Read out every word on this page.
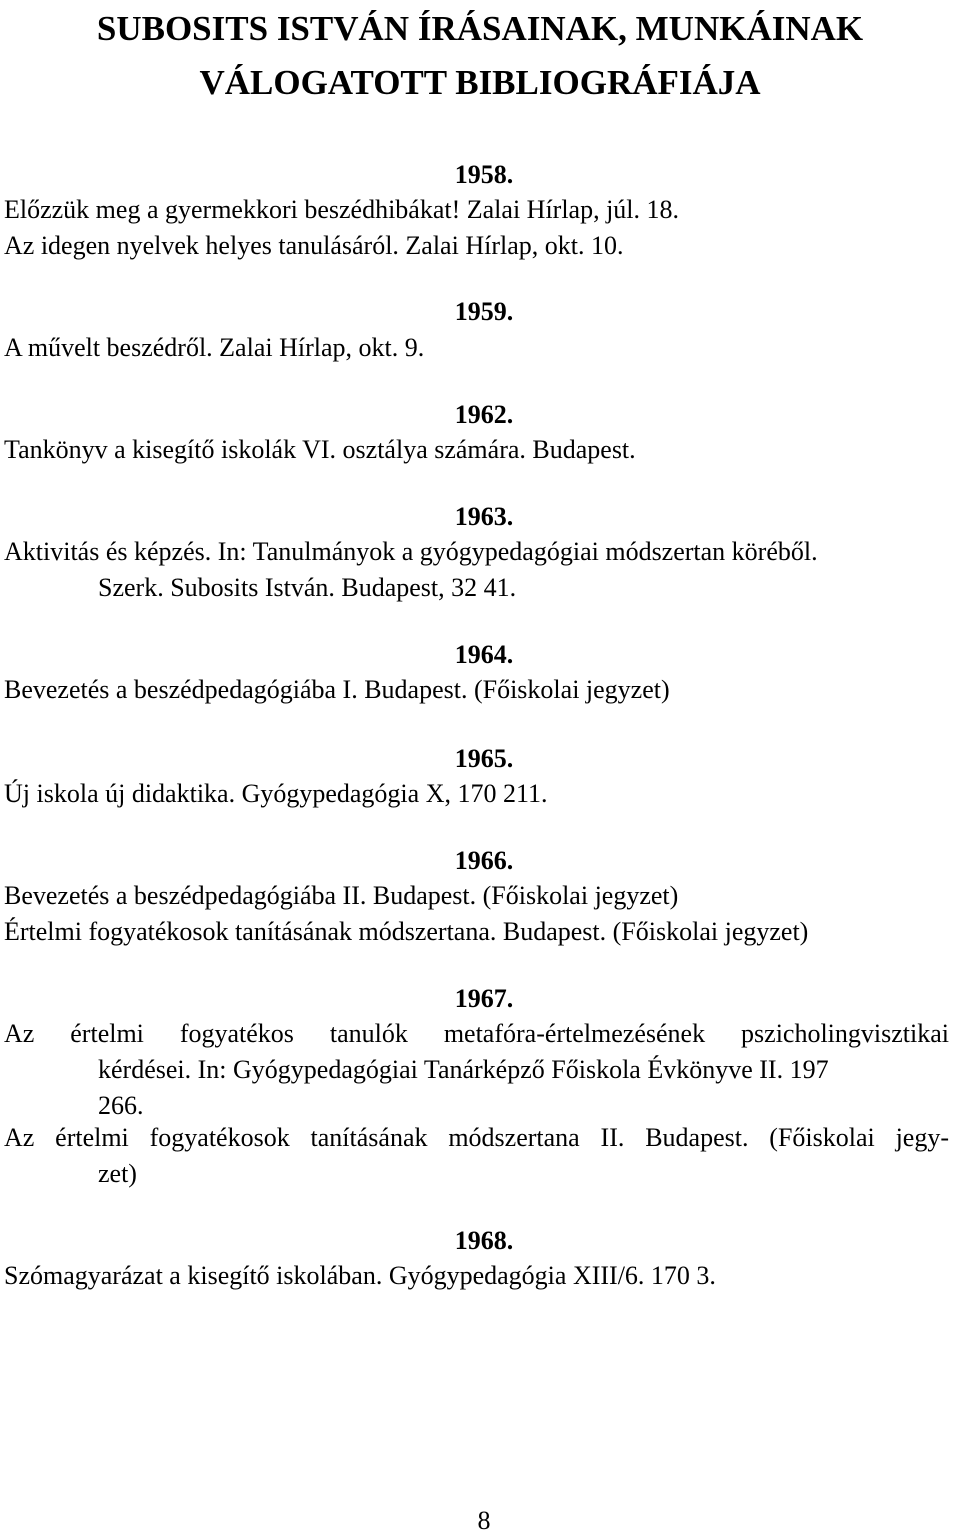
SUBOSITS ISTVÁN ÍRÁSAINAK, MUNKÁINAK
VÁLOGATOTT BIBLIOGRÁFIÁJA

1958.

Előzzük meg a gyermekkori beszédhibákat! Zalai Hírlap, júl. 18.

Az idegen nyelvek helyes tanulásáról. Zalai Hírlap, okt. 10.

1959.

A művelt beszédről. Zalai Hírlap, okt. 9.

1962.

Tankönyv a kisegítő iskolák VI. osztálya számára. Budapest.

1963.

Aktivitás és képzés. In: Tanulmányok a gyógypedagógiai módszertan köréből.
Szerk. Subosits István. Budapest, 32 41.

1964.

Bevezetés a beszédpedagógiába I. Budapest. (Főiskolai jegyzet)

1965.

Új iskola új didaktika. Gyógypedagógia X, 170 211.

1966.

Bevezetés a beszédpedagógiába II. Budapest. (Főiskolai jegyzet)

Értelmi fogyatékosok tanításának módszertana. Budapest. (Főiskolai jegyzet)

1967.

Az értelmi fogyatékos tanulók metafóra-értelmezésének pszicholingvisztikai
kérdései. In: Gyógypedagógiai Tanárképző Főiskola Évkönyve II. 197
266.

Az értelmi fogyatékosok tanításának módszertana II. Budapest. (Főiskolai jegy-
zet)

1968.

Szómagyarázat a kisegítő iskolában. Gyógypedagógia XIII/6. 170 3.

8
